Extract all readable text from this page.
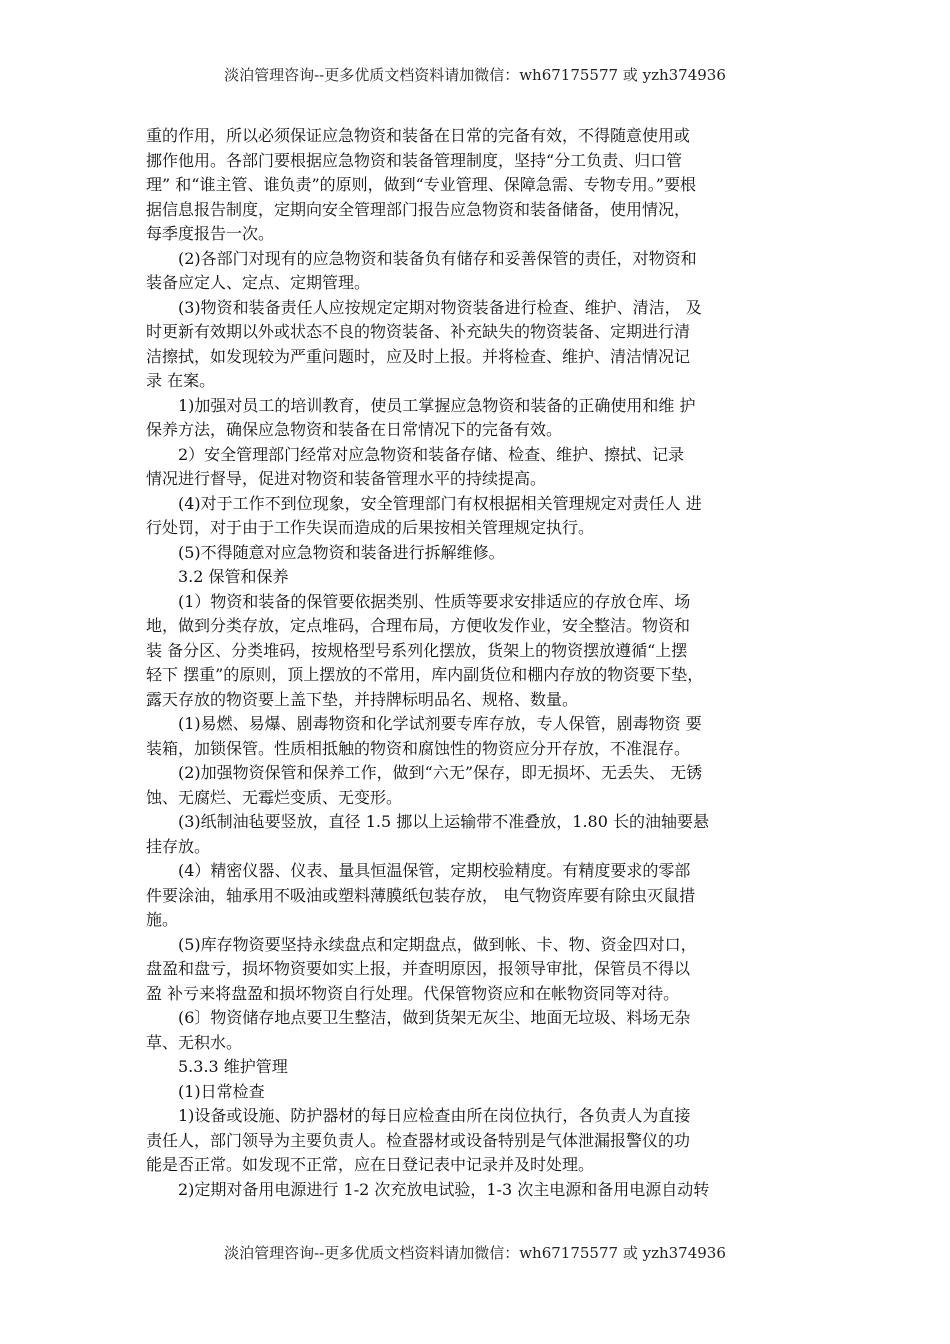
淡泊管理咨询--更多优质文档资料请加微信：wh67175577 或 yzh374936

重的作用，所以必须保证应急物资和装备在日常的完备有效，不得随意使用或

挪作他用。各部门要根据应急物资和装备管理制度，坚持“分工负责、归口管

理” 和“谁主管、谁负责”的原则，做到“专业管理、保障急需、专物专用。”要根

据信息报告制度，定期向安全管理部门报告应急物资和装备储备，使用情况，

每季度报告一次。

(2)各部门对现有的应急物资和装备负有储存和妥善保管的责任，对物资和

装备应定人、定点、定期管理。

(3)物资和装备责任人应按规定定期对物资装备进行检查、维护、清洁， 及

时更新有效期以外或状态不良的物资装备、补充缺失的物资装备、定期进行清

洁擦拭，如发现较为严重问题时，应及时上报。并将检查、维护、清洁情况记

录 在案。

1)加强对员工的培训教育，使员工掌握应急物资和装备的正确使用和维 护

保养方法，确保应急物资和装备在日常情况下的完备有效。

2）安全管理部门经常对应急物资和装备存储、检查、维护、擦拭、记录

情况进行督导，促进对物资和装备管理水平的持续提高。

(4)对于工作不到位现象，安全管理部门有权根据相关管理规定对责任人 进

行处罚，对于由于工作失误而造成的后果按相关管理规定执行。

(5)不得随意对应急物资和装备进行拆解维修。

3.2 保管和保养

(1）物资和装备的保管要依据类别、性质等要求安排适应的存放仓库、场

地，做到分类存放，定点堆码，合理布局，方便收发作业，安全整洁。物资和

装 备分区、分类堆码，按规格型号系列化摆放，货架上的物资摆放遵循“上摆

轻下 摆重”的原则，顶上摆放的不常用，库内副货位和棚内存放的物资要下垫，

露天存放的物资要上盖下垫，并持牌标明品名、规格、数量。

(1)易燃、易爆、剧毒物资和化学试剂要专库存放，专人保管，剧毒物资 要

装箱，加锁保管。性质相抵触的物资和腐蚀性的物资应分开存放，不准混存。

(2)加强物资保管和保养工作，做到“六无”保存，即无损坏、无丢失、 无锈

蚀、无腐烂、无霉烂变质、无变形。

(3)纸制油毡要竖放，直径 1.5 挪以上运输带不准叠放，1.80 长的油轴要悬

挂存放。

(4）精密仪器、仪表、量具恒温保管，定期校验精度。有精度要求的零部

件要涂油，轴承用不吸油或塑料薄膜纸包装存放， 电气物资库要有除虫灭鼠措

施。

(5)库存物资要坚持永续盘点和定期盘点，做到帐、卡、物、资金四对口，

盘盈和盘亏，损坏物资要如实上报，并查明原因，报领导审批，保管员不得以

盈 补亏来将盘盈和损坏物资自行处理。代保管物资应和在帐物资同等对待。

(6〕物资储存地点要卫生整洁，做到货架无灰尘、地面无垃圾、料场无杂

草、无积水。

5.3.3 维护管理

(1)日常检查

1)设备或设施、防护器材的每日应检查由所在岗位执行，各负责人为直接

责任人，部门领导为主要负责人。检查器材或设备特别是气体泄漏报警仪的功

能是否正常。如发现不正常，应在日登记表中记录并及时处理。

2)定期对备用电源进行 1-2 次充放电试验，1-3 次主电源和备用电源自动转

淡泊管理咨询--更多优质文档资料请加微信：wh67175577 或 yzh374936
